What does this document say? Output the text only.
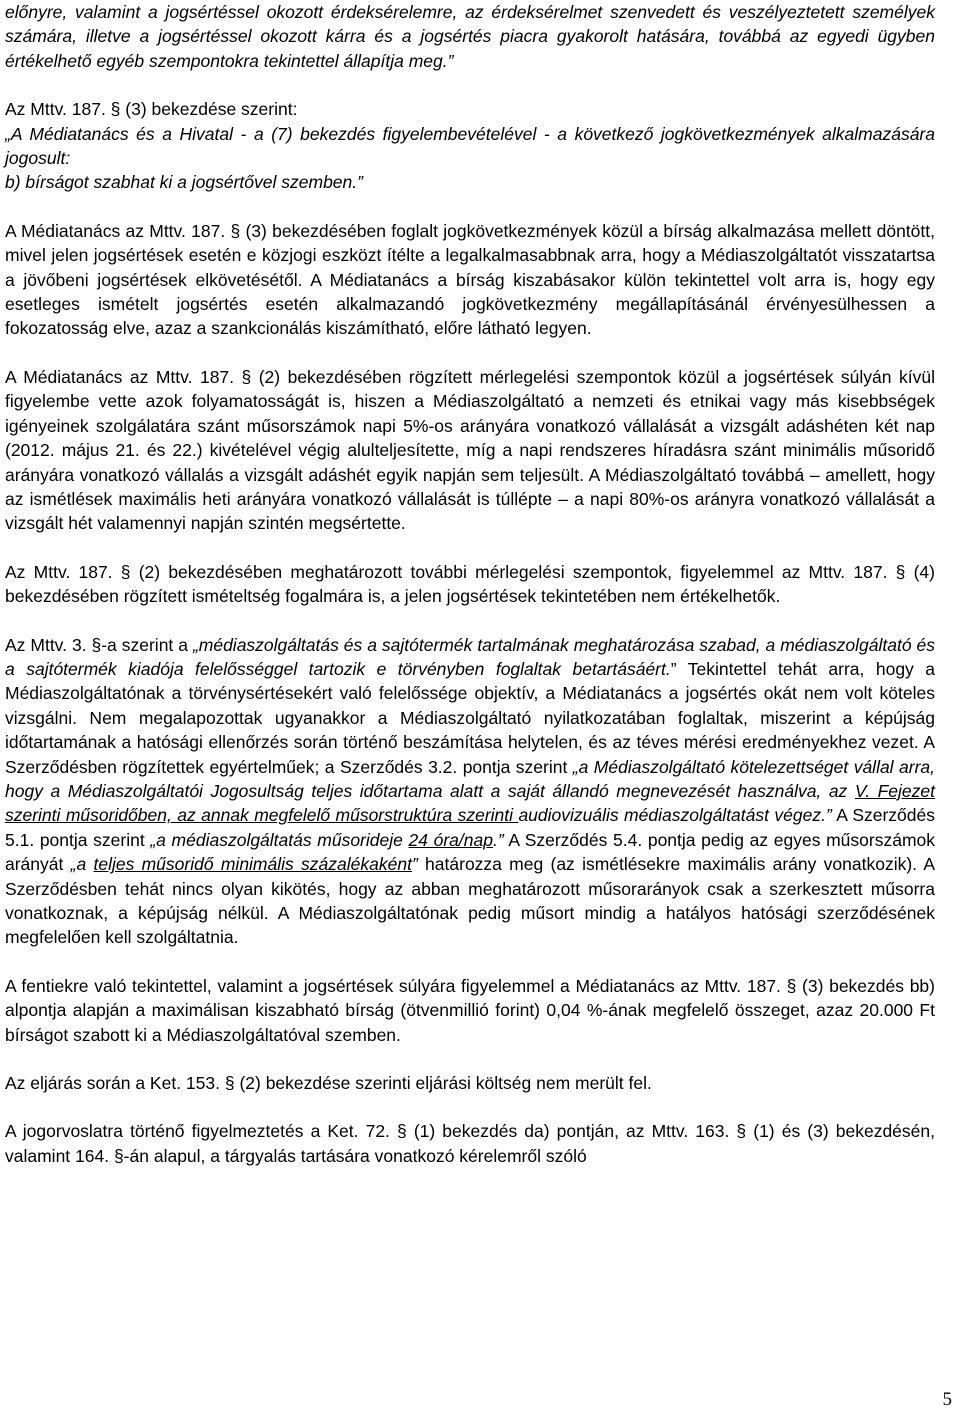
előnyre, valamint a jogsértéssel okozott érdeksérelemre, az érdeksérelmet szenvedett és veszélyeztetett személyek számára, illetve a jogsértéssel okozott kárra és a jogsértés piacra gyakorolt hatására, továbbá az egyedi ügyben értékelhető egyéb szempontokra tekintettel állapítja meg.”

Az Mttv. 187. § (3) bekezdése szerint:

„A Médiatanács és a Hivatal - a (7) bekezdés figyelembevételével - a következő jogkövetkezmények alkalmazására jogosult:

b) bírságot szabhat ki a jogsértővel szemben.”

A Médiatanács az Mttv. 187. § (3) bekezdésében foglalt jogkövetkezmények közül a bírság alkalmazása mellett döntött, mivel jelen jogsértések esetén e közjogi eszközt ítélte a legalkalmasabbnak arra, hogy a Médiaszolgáltatót visszatartsa a jövőbeni jogsértések elkövetésétől. A Médiatanács a bírság kiszabásakor külön tekintettel volt arra is, hogy egy esetleges ismételt jogsértés esetén alkalmazandó jogkövetkezmény megállapításánál érvényesülhessen a fokozatosság elve, azaz a szankcionálás kiszámítható, előre látható legyen.

A Médiatanács az Mttv. 187. § (2) bekezdésében rögzített mérlegelési szempontok közül a jogsértések súlyán kívül figyelembe vette azok folyamatosságát is, hiszen a Médiaszolgáltató a nemzeti és etnikai vagy más kisebbségek igényeinek szolgálatára szánt műsorszámok napi 5%-os arányára vonatkozó vállalását a vizsgált adáshéten két nap (2012. május 21. és 22.) kivételével végig alulteljesítette, míg a napi rendszeres híradásra szánt minimális műsoridő arányára vonatkozó vállalás a vizsgált adáshét egyik napján sem teljesült. A Médiaszolgáltató továbbá – amellett, hogy az ismétlések maximális heti arányára vonatkozó vállalását is túllépte – a napi 80%-os arányra vonatkozó vállalását a vizsgált hét valamennyi napján szintén megsértette.

Az Mttv. 187. § (2) bekezdésében meghatározott további mérlegelési szempontok, figyelemmel az Mttv. 187. § (4) bekezdésében rögzített ismételtség fogalmára is, a jelen jogsértések tekintetében nem értékelhetők.

Az Mttv. 3. §-a szerint a „médiaszolgáltatás és a sajtótermék tartalmának meghatározása szabad, a médiaszolgáltató és a sajtótermék kiadója felelősséggel tartozik e törvényben foglaltak betartásáért.” Tekintettel tehát arra, hogy a Médiaszolgáltatónak a törvénysértésekért való felelőssége objektív, a Médiatanács a jogsértés okát nem volt köteles vizsgálni. Nem megalapozottak ugyanakkor a Médiaszolgáltató nyilatkozatában foglaltak, miszerint a képújság időtartamának a hatósági ellenőrzés során történő beszámítása helytelen, és az téves mérési eredményekhez vezet. A Szerződésben rögzítettek egyértelműek; a Szerződés 3.2. pontja szerint „a Médiaszolgáltató kötelezettséget vállal arra, hogy a Médiaszolgáltatói Jogosultság teljes időtartama alatt a saját állandó megnevezését használva, az V. Fejezet szerinti műsoridőben, az annak megfelelő műsorstruktúra szerinti audiovizuális médiaszolgáltatást végez.” A Szerződés 5.1. pontja szerint „a médiaszolgáltatás műsorideje 24 óra/nap.” A Szerződés 5.4. pontja pedig az egyes műsorszámok arányát „a teljes műsoridő minimális százalékaként” határozza meg (az ismétlésekre maximális arány vonatkozik). A Szerződésben tehát nincs olyan kikötés, hogy az abban meghatározott műsorarányok csak a szerkesztett műsorra vonatkoznak, a képújság nélkül. A Médiaszolgáltatónak pedig műsort mindig a hatályos hatósági szerződésének megfelelően kell szolgáltatnia.

A fentiekre való tekintettel, valamint a jogsértések súlyára figyelemmel a Médiatanács az Mttv. 187. § (3) bekezdés bb) alpontja alapján a maximálisan kiszabható bírság (ötvenmillió forint) 0,04 %-ának megfelelő összeget, azaz 20.000 Ft bírságot szabott ki a Médiaszolgáltatóval szemben.

Az eljárás során a Ket. 153. § (2) bekezdése szerinti eljárási költség nem merült fel.

A jogorvoslatra történő figyelmeztetés a Ket. 72. § (1) bekezdés da) pontján, az Mttv. 163. § (1) és (3) bekezdésén, valamint 164. §-án alapul, a tárgyalás tartására vonatkozó kérelemről szóló

5
